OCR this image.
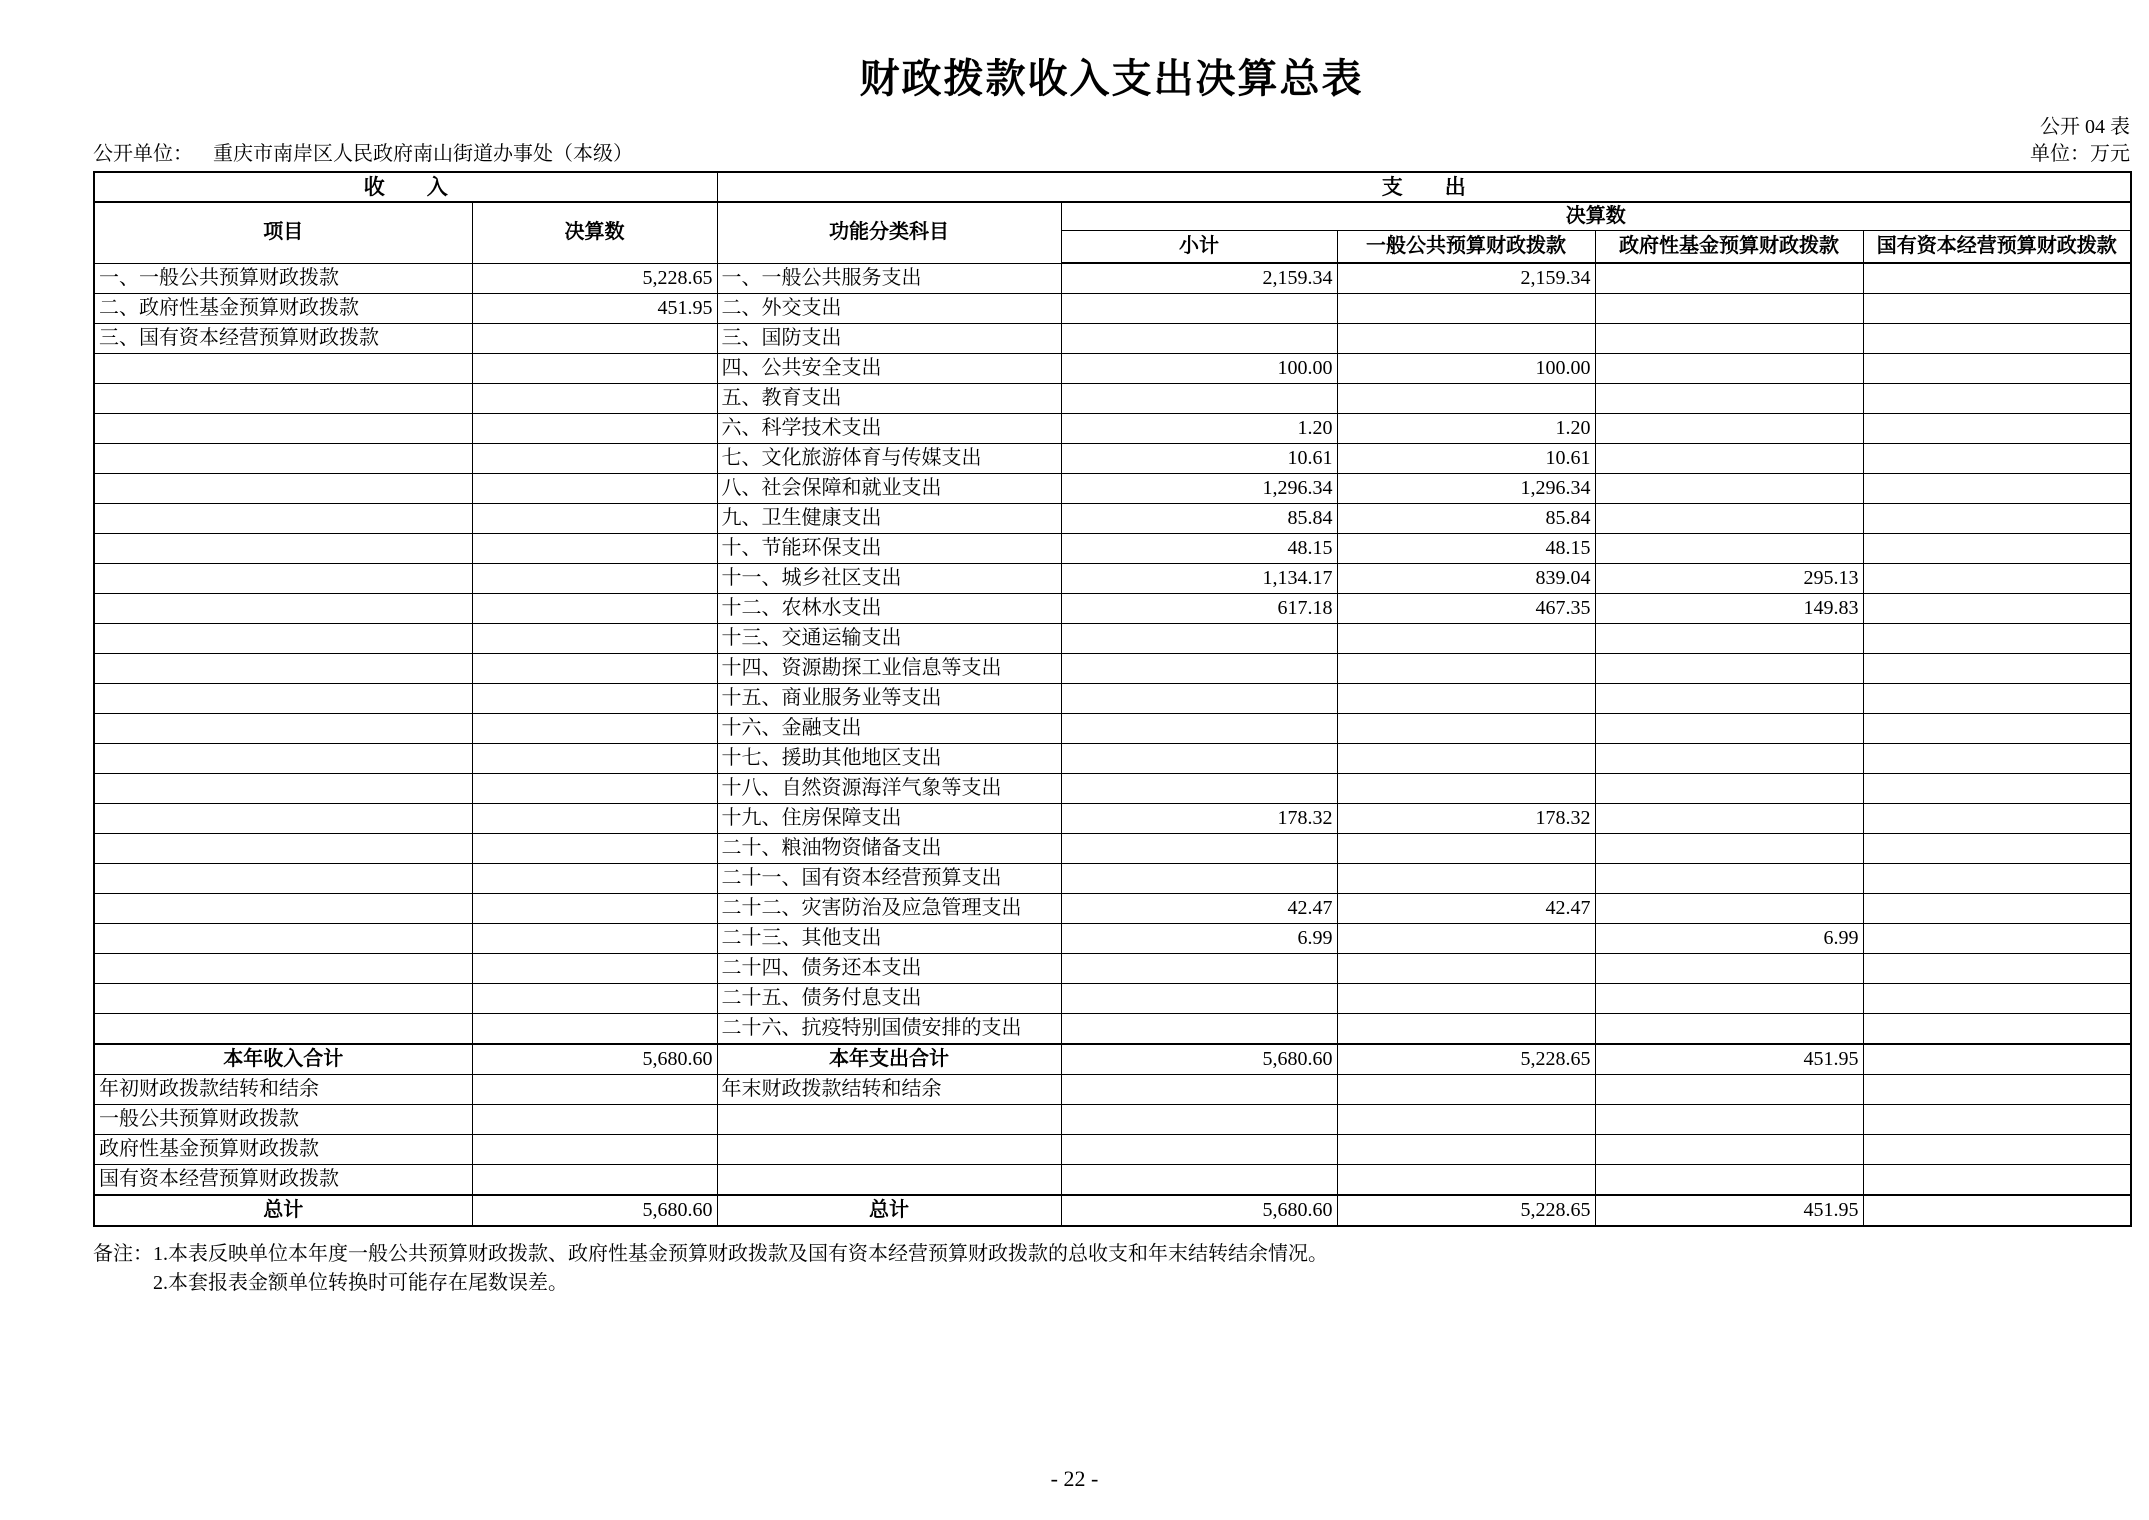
财政拨款收入支出决算总表
公开 04 表
公开单位： 重庆市南岸区人民政府南山街道办事处（本级）	单位：万元
收　　入		支　　出				
项目	决算数	功能分类科目	决算数			
			小计	一般公共预算财政拨款	政府性基金预算财政拨款	国有资本经营预算财政拨款
一、一般公共预算财政拨款	5,228.65	一、一般公共服务支出	2,159.34	2,159.34		
二、政府性基金预算财政拨款	451.95	二、外交支出				
三、国有资本经营预算财政拨款		三、国防支出				
		四、公共安全支出	100.00	100.00		
		五、教育支出				
		六、科学技术支出	1.20	1.20		
		七、文化旅游体育与传媒支出	10.61	10.61		
		八、社会保障和就业支出	1,296.34	1,296.34		
		九、卫生健康支出	85.84	85.84		
		十、节能环保支出	48.15	48.15		
		十一、城乡社区支出	1,134.17	839.04	295.13	
		十二、农林水支出	617.18	467.35	149.83	
		十三、交通运输支出				
		十四、资源勘探工业信息等支出				
		十五、商业服务业等支出				
		十六、金融支出				
		十七、援助其他地区支出				
		十八、自然资源海洋气象等支出				
		十九、住房保障支出	178.32	178.32		
		二十、粮油物资储备支出				
		二十一、国有资本经营预算支出				
		二十二、灾害防治及应急管理支出	42.47	42.47		
		二十三、其他支出	6.99		6.99	
		二十四、债务还本支出				
		二十五、债务付息支出				
		二十六、抗疫特别国债安排的支出				
本年收入合计	5,680.60	本年支出合计	5,680.60	5,228.65	451.95	
年初财政拨款结转和结余		年末财政拨款结转和结余				
一般公共预算财政拨款						
政府性基金预算财政拨款						
国有资本经营预算财政拨款						
总计	5,680.60	总计	5,680.60	5,228.65	451.95	
备注： 1.本表反映单位本年度一般公共预算财政拨款、政府性基金预算财政拨款及国有资本经营预算财政拨款的总收支和年末结转结余情况。
2.本套报表金额单位转换时可能存在尾数误差。
- 22 -
